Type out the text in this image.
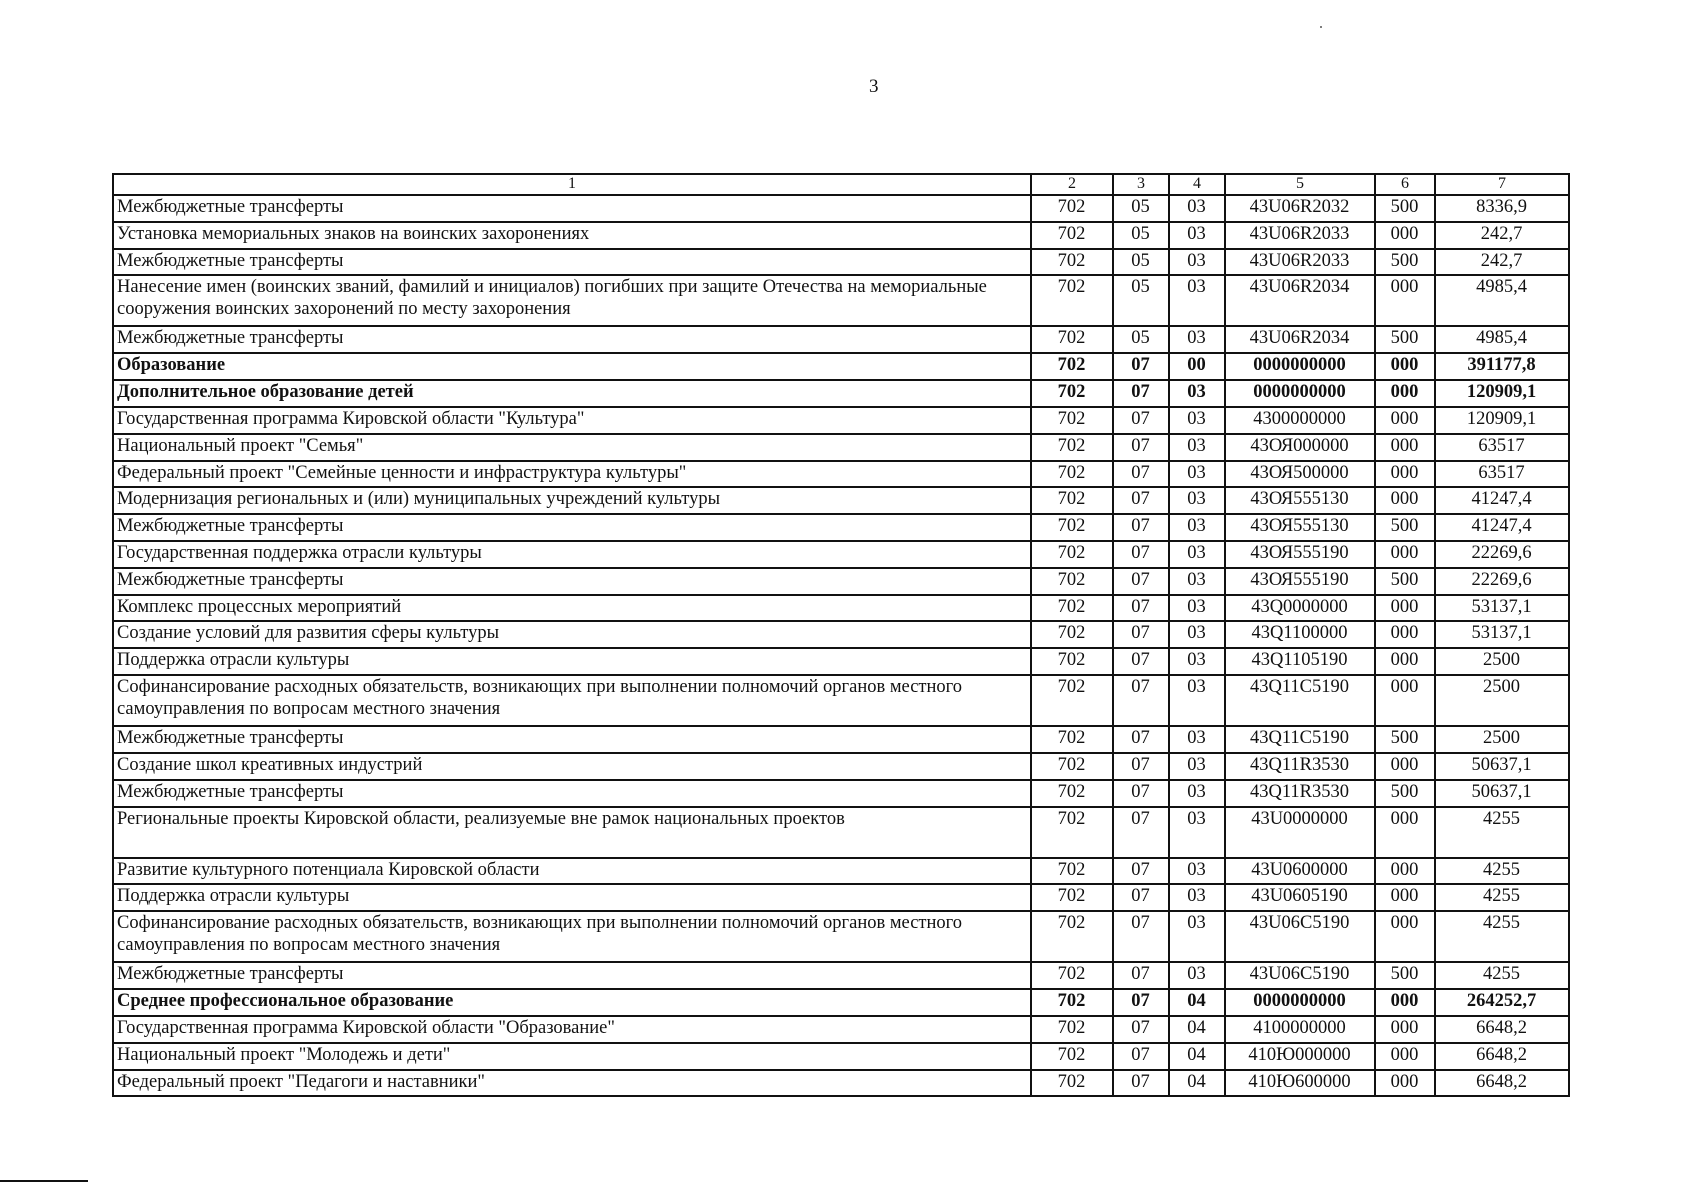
3
1	2	3	4	5	6	7
Межбюджетные трансферты	702	05	03	43U06R2032	500	8336,9
Установка мемориальных знаков на воинских захоронениях	702	05	03	43U06R2033	000	242,7
Межбюджетные трансферты	702	05	03	43U06R2033	500	242,7
Нанесение имен (воинских званий, фамилий и инициалов) погибших при защите Отечества на мемориальные сооружения воинских захоронений по месту захоронения	702	05	03	43U06R2034	000	4985,4
Межбюджетные трансферты	702	05	03	43U06R2034	500	4985,4
Образование	702	07	00	0000000000	000	391177,8
Дополнительное образование детей	702	07	03	0000000000	000	120909,1
Государственная программа Кировской области "Культура"	702	07	03	4300000000	000	120909,1
Национальный проект "Семья"	702	07	03	43ОЯ000000	000	63517
Федеральный проект "Семейные ценности и инфраструктура культуры"	702	07	03	43ОЯ500000	000	63517
Модернизация региональных и (или) муниципальных учреждений культуры	702	07	03	43ОЯ555130	000	41247,4
Межбюджетные трансферты	702	07	03	43ОЯ555130	500	41247,4
Государственная поддержка отрасли культуры	702	07	03	43ОЯ555190	000	22269,6
Межбюджетные трансферты	702	07	03	43ОЯ555190	500	22269,6
Комплекс процессных мероприятий	702	07	03	43Q0000000	000	53137,1
Создание условий для развития сферы культуры	702	07	03	43Q1100000	000	53137,1
Поддержка отрасли культуры	702	07	03	43Q1105190	000	2500
Софинансирование расходных обязательств, возникающих при выполнении полномочий органов местного самоуправления по вопросам местного значения	702	07	03	43Q11C5190	000	2500
Межбюджетные трансферты	702	07	03	43Q11C5190	500	2500
Создание школ креативных индустрий	702	07	03	43Q11R3530	000	50637,1
Межбюджетные трансферты	702	07	03	43Q11R3530	500	50637,1
Региональные проекты Кировской области, реализуемые вне рамок национальных проектов	702	07	03	43U0000000	000	4255
Развитие культурного потенциала Кировской области	702	07	03	43U0600000	000	4255
Поддержка отрасли культуры	702	07	03	43U0605190	000	4255
Софинансирование расходных обязательств, возникающих при выполнении полномочий органов местного самоуправления по вопросам местного значения	702	07	03	43U06C5190	000	4255
Межбюджетные трансферты	702	07	03	43U06C5190	500	4255
Среднее профессиональное образование	702	07	04	0000000000	000	264252,7
Государственная программа Кировской области "Образование"	702	07	04	4100000000	000	6648,2
Национальный проект "Молодежь и дети"	702	07	04	410Ю000000	000	6648,2
Федеральный проект "Педагоги и наставники"	702	07	04	410Ю600000	000	6648,2
